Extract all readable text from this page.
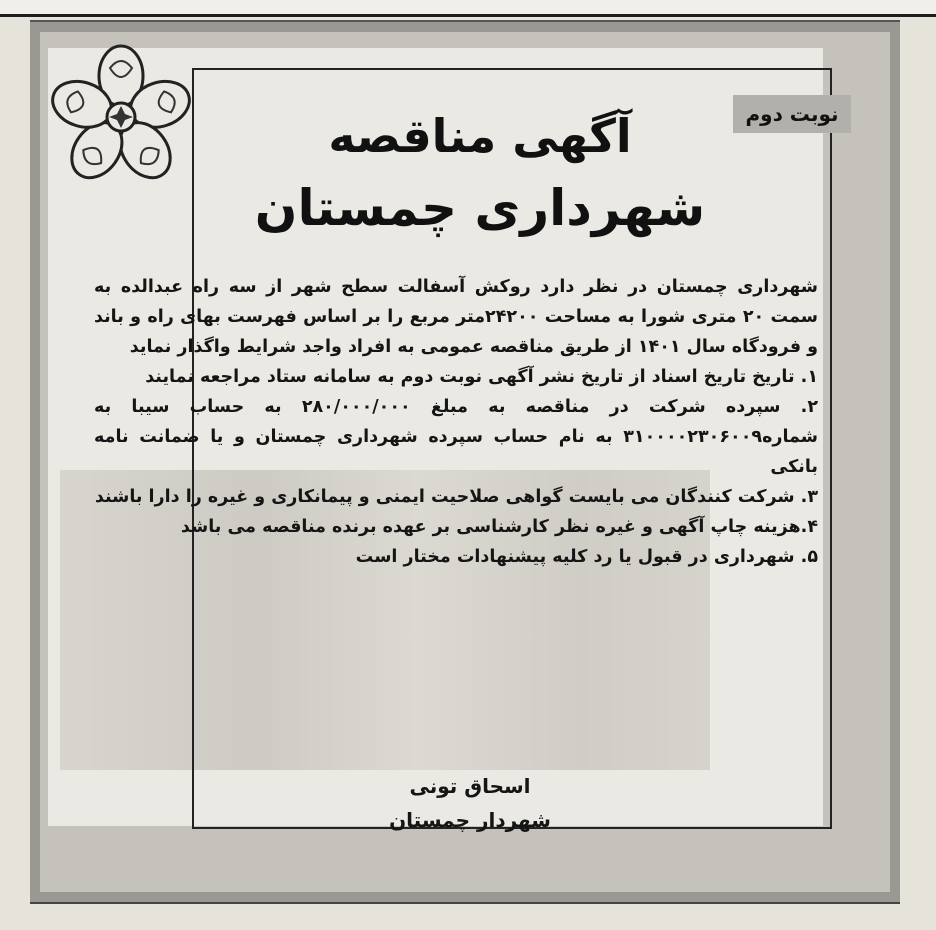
نوبت دوم
آگهی مناقصه
شهرداری چمستان

شهرداری چمستان در نظر دارد روکش آسفالت سطح شهر از سه راه عبدالده به سمت ۲۰ متری شورا به مساحت ۲۴۲۰۰متر مربع را بر اساس فهرست بهای راه و باند و فرودگاه سال ۱۴۰۱ از طریق مناقصه عمومی به افراد واجد شرایط واگذار نماید

۱. تاریخ تاریخ اسناد از تاریخ نشر آگهی نوبت دوم به سامانه ستاد مراجعه نمایند

۲. سپرده شرکت در مناقصه به مبلغ ۲۸۰/۰۰۰/۰۰۰ به حساب سیبا به شماره۳۱۰۰۰۰۲۳۰۶۰۰۹ به نام حساب سپرده شهرداری چمستان و یا ضمانت نامه بانکی

۳. شرکت کنندگان می بایست گواهی صلاحیت ایمنی و پیمانکاری و غیره را دارا باشند

۴.هزینه چاپ آگهی و غیره نظر کارشناسی بر عهده برنده مناقصه می باشد

۵. شهرداری در قبول یا رد کلیه پیشنهادات مختار است

اسحاق تونی
شهردار چمستان
